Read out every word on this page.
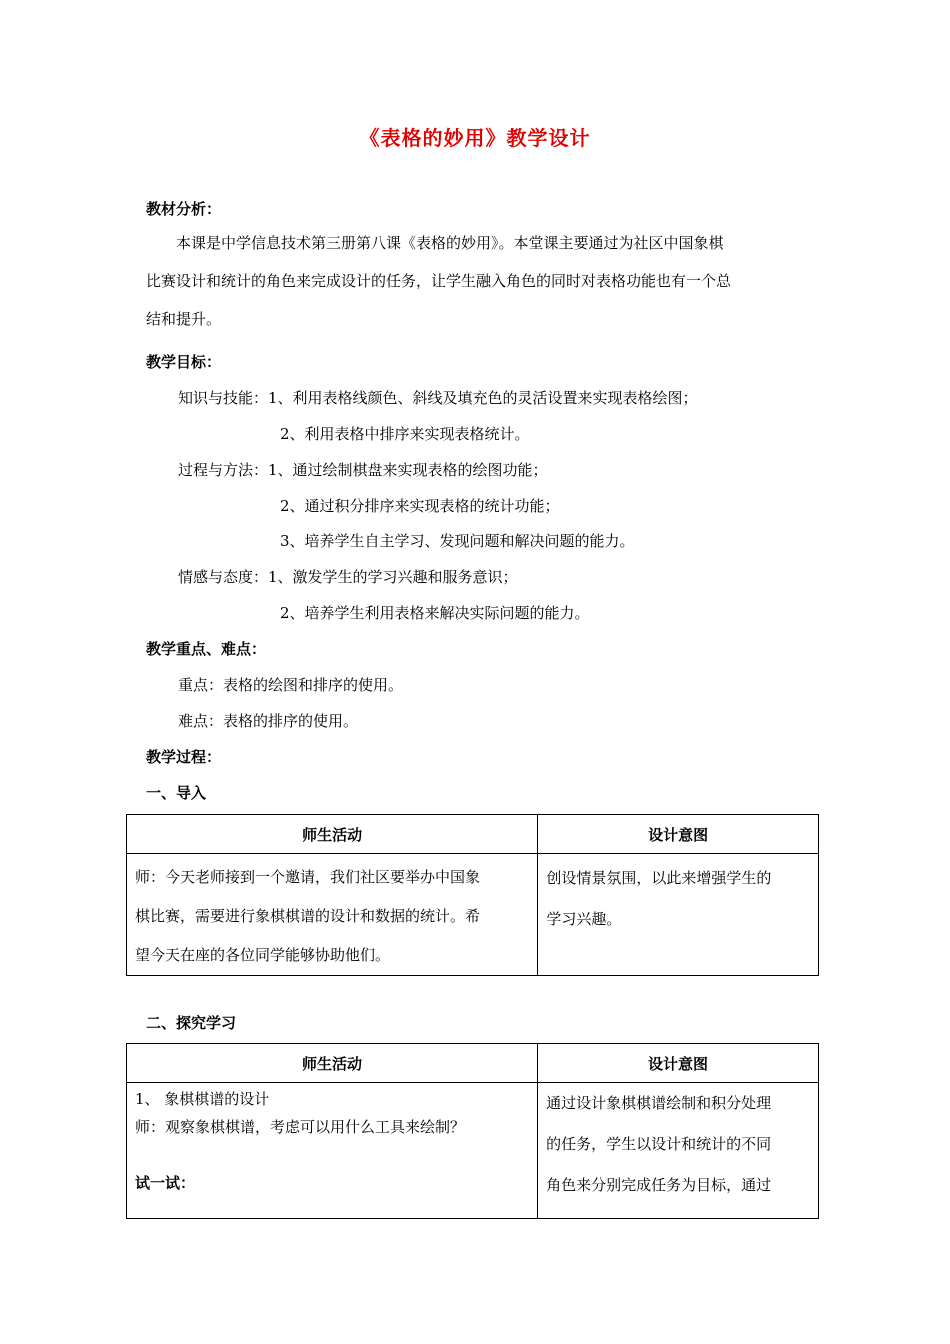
《表格的妙用》教学设计
教材分析：
本课是中学信息技术第三册第八课《表格的妙用》。本堂课主要通过为社区中国象棋
比赛设计和统计的角色来完成设计的任务，让学生融入角色的同时对表格功能也有一个总
结和提升。
教学目标：
知识与技能：1、利用表格线颜色、斜线及填充色的灵活设置来实现表格绘图；
2、利用表格中排序来实现表格统计。
过程与方法：1、通过绘制棋盘来实现表格的绘图功能；
2、通过积分排序来实现表格的统计功能；
3、培养学生自主学习、发现问题和解决问题的能力。
情感与态度：1、激发学生的学习兴趣和服务意识；
2、培养学生利用表格来解决实际问题的能力。
教学重点、难点：
重点：表格的绘图和排序的使用。
难点：表格的排序的使用。
教学过程：
一、导入
师生活动	设计意图

师：今天老师接到一个邀请，我们社区要举办中国象
棋比赛，需要进行象棋棋谱的设计和数据的统计。希
望今天在座的各位同学能够协助他们。	创设情景氛围，以此来增强学生的
学习兴趣。
二、探究学习
师生活动	设计意图

1、 象棋棋谱的设计
师：观察象棋棋谱，考虑可以用什么工具来绘制？
试一试：	通过设计象棋棋谱绘制和积分处理
的任务，学生以设计和统计的不同
角色来分别完成任务为目标，通过
